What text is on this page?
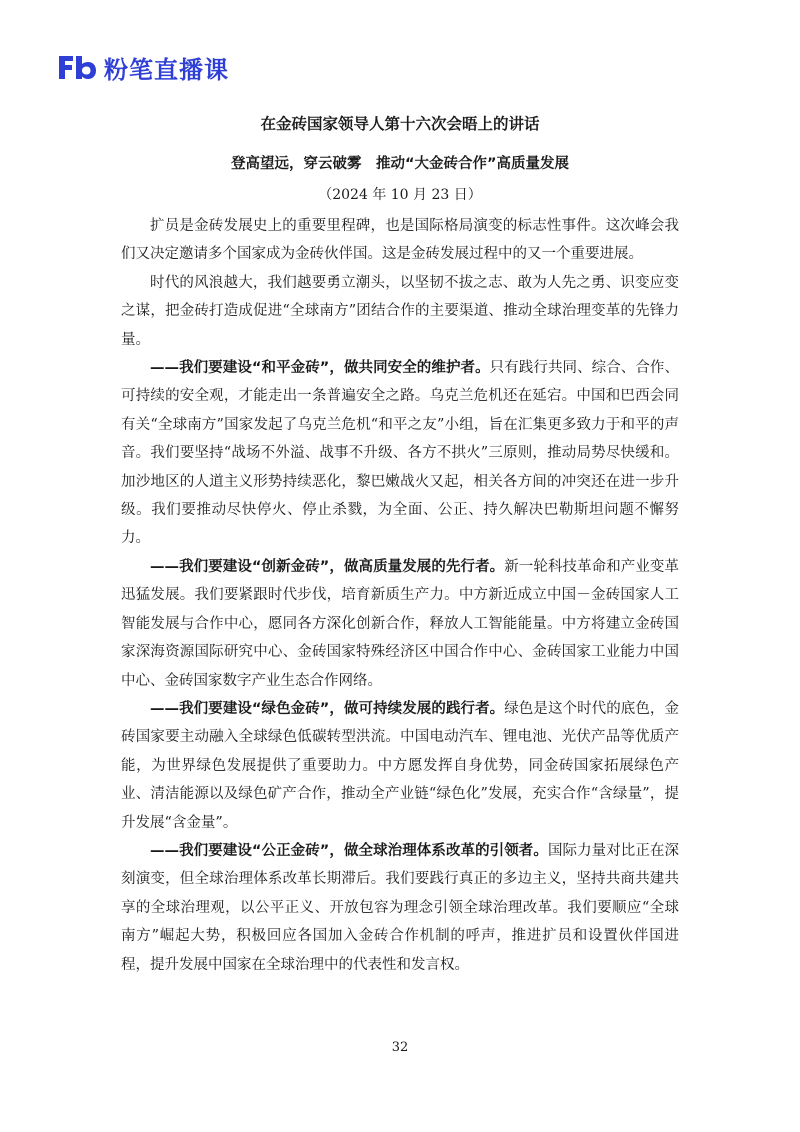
粉笔直播课
在金砖国家领导人第十六次会晤上的讲话
登高望远，穿云破雾　推动“大金砖合作”高质量发展
（2024 年 10 月 23 日）

扩员是金砖发展史上的重要里程碑，也是国际格局演变的标志性事件。这次峰会我们又决定邀请多个国家成为金砖伙伴国。这是金砖发展过程中的又一个重要进展。

时代的风浪越大，我们越要勇立潮头，以坚韧不拔之志、敢为人先之勇、识变应变之谋，把金砖打造成促进“全球南方”团结合作的主要渠道、推动全球治理变革的先锋力量。

——我们要建设“和平金砖”，做共同安全的维护者。只有践行共同、综合、合作、可持续的安全观，才能走出一条普遍安全之路。乌克兰危机还在延宕。中国和巴西会同有关“全球南方”国家发起了乌克兰危机“和平之友”小组，旨在汇集更多致力于和平的声音。我们要坚持“战场不外溢、战事不升级、各方不拱火”三原则，推动局势尽快缓和。加沙地区的人道主义形势持续恶化，黎巴嫩战火又起，相关各方间的冲突还在进一步升级。我们要推动尽快停火、停止杀戮，为全面、公正、持久解决巴勒斯坦问题不懈努力。

——我们要建设“创新金砖”，做高质量发展的先行者。新一轮科技革命和产业变革迅猛发展。我们要紧跟时代步伐，培育新质生产力。中方新近成立中国－金砖国家人工智能发展与合作中心，愿同各方深化创新合作，释放人工智能能量。中方将建立金砖国家深海资源国际研究中心、金砖国家特殊经济区中国合作中心、金砖国家工业能力中国中心、金砖国家数字产业生态合作网络。

——我们要建设“绿色金砖”，做可持续发展的践行者。绿色是这个时代的底色，金砖国家要主动融入全球绿色低碳转型洪流。中国电动汽车、锂电池、光伏产品等优质产能，为世界绿色发展提供了重要助力。中方愿发挥自身优势，同金砖国家拓展绿色产业、清洁能源以及绿色矿产合作，推动全产业链“绿色化”发展，充实合作“含绿量”，提升发展“含金量”。

——我们要建设“公正金砖”，做全球治理体系改革的引领者。国际力量对比正在深刻演变，但全球治理体系改革长期滞后。我们要践行真正的多边主义，坚持共商共建共享的全球治理观，以公平正义、开放包容为理念引领全球治理改革。我们要顺应“全球南方”崛起大势，积极回应各国加入金砖合作机制的呼声，推进扩员和设置伙伴国进程，提升发展中国家在全球治理中的代表性和发言权。

32
